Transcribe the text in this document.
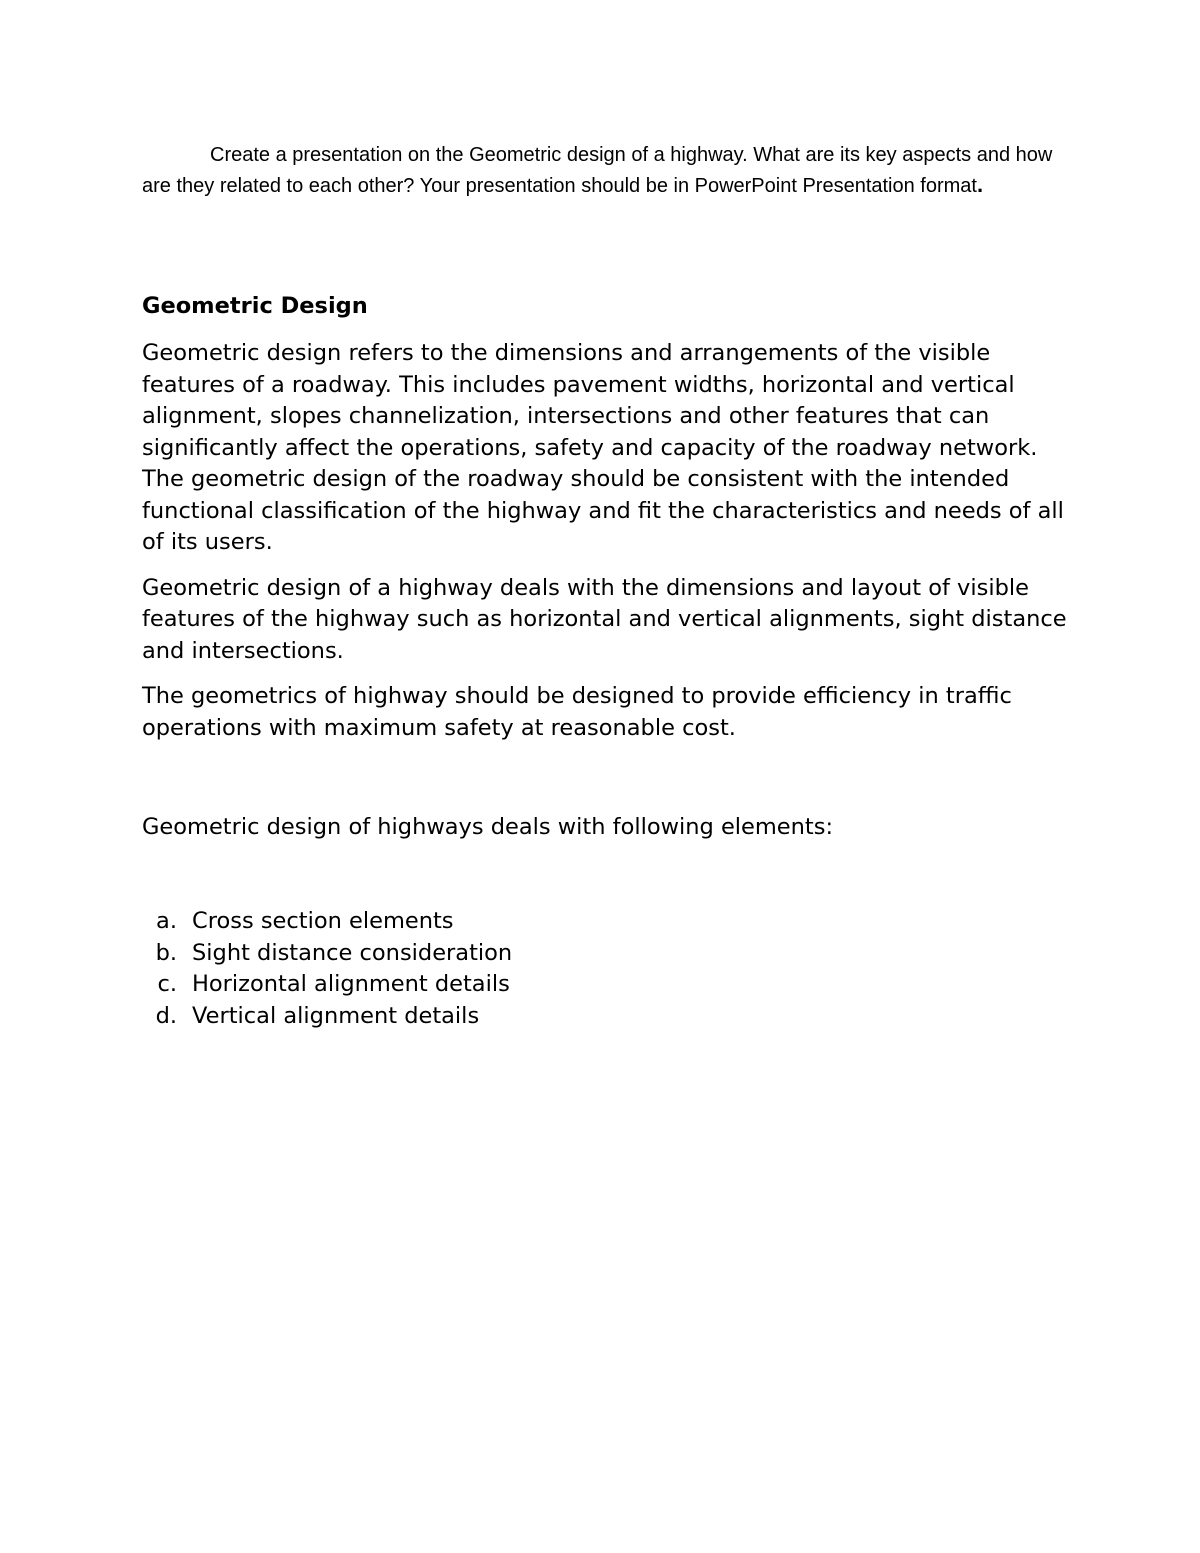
Create a presentation on the Geometric design of a highway. What are its key aspects and how are they related to each other? Your presentation should be in PowerPoint Presentation format.

Geometric Design

Geometric design refers to the dimensions and arrangements of the visible features of a roadway. This includes pavement widths, horizontal and vertical alignment, slopes channelization, intersections and other features that can significantly affect the operations, safety and capacity of the roadway network. The geometric design of the roadway should be consistent with the intended functional classification of the highway and fit the characteristics and needs of all of its users.

Geometric design of a highway deals with the dimensions and layout of visible features of the highway such as horizontal and vertical alignments, sight distance and intersections.

The geometrics of highway should be designed to provide efficiency in traffic operations with maximum safety at reasonable cost.

Geometric design of highways deals with following elements:

a. Cross section elements
b. Sight distance consideration
c. Horizontal alignment details
d. Vertical alignment details
